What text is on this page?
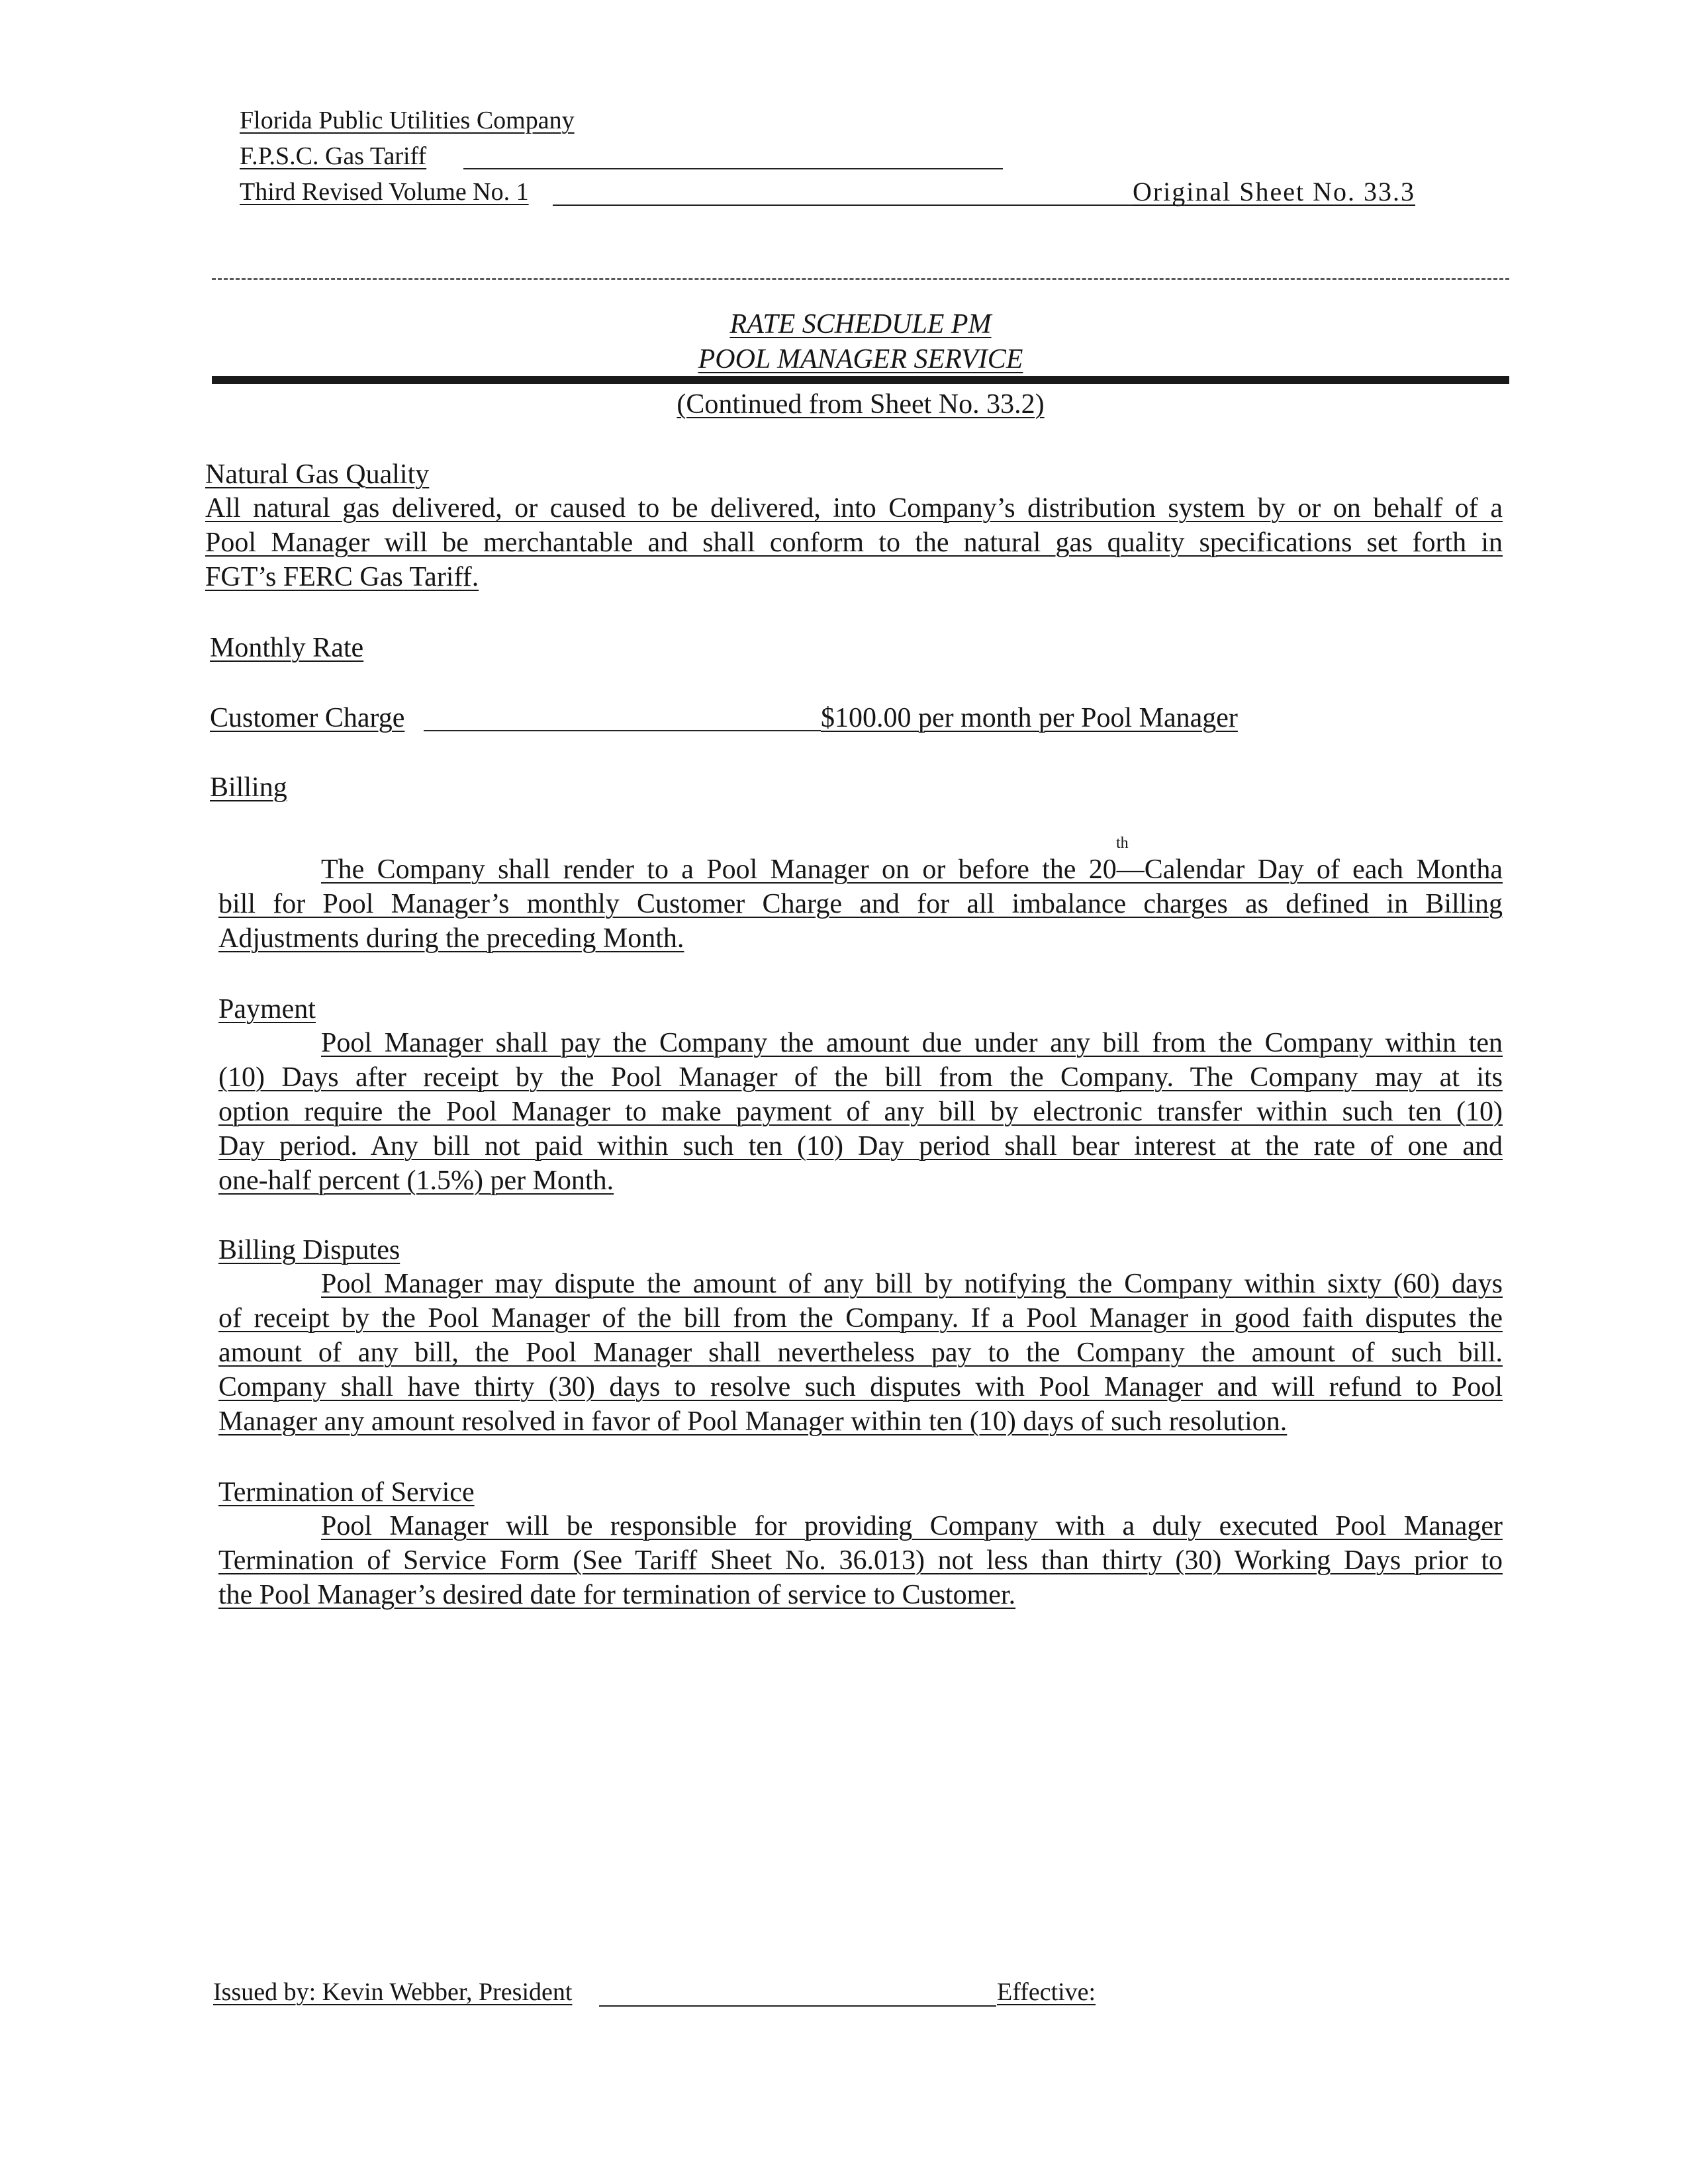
Florida Public Utilities Company
F.P.S.C. Gas Tariff
Third Revised Volume No. 1	Original Sheet No. 33.3
RATE SCHEDULE PM
POOL MANAGER SERVICE
(Continued from Sheet No. 33.2)
Natural Gas Quality
All natural gas delivered, or caused to be delivered, into Company’s distribution system by or on behalf of a
Pool Manager will be merchantable and shall conform to the natural gas quality specifications set forth in
FGT’s FERC Gas Tariff.
Monthly Rate
Customer Charge	$100.00 per month per Pool Manager
Billing
th
The Company shall render to a Pool Manager on or before the 20—Calendar Day of each Montha
bill for Pool Manager’s monthly Customer Charge and for all imbalance charges as defined in Billing
Adjustments during the preceding Month.
Payment
Pool Manager shall pay the Company the amount due under any bill from the Company within ten
(10) Days after receipt by the Pool Manager of the bill from the Company. The Company may at its
option require the Pool Manager to make payment of any bill by electronic transfer within such ten (10)
Day period. Any bill not paid within such ten (10) Day period shall bear interest at the rate of one and
one-half percent (1.5%) per Month.
Billing Disputes
Pool Manager may dispute the amount of any bill by notifying the Company within sixty (60) days
of receipt by the Pool Manager of the bill from the Company. If a Pool Manager in good faith disputes the
amount of any bill, the Pool Manager shall nevertheless pay to the Company the amount of such bill.
Company shall have thirty (30) days to resolve such disputes with Pool Manager and will refund to Pool
Manager any amount resolved in favor of Pool Manager within ten (10) days of such resolution.
Termination of Service
Pool Manager will be responsible for providing Company with a duly executed Pool Manager
Termination of Service Form (See Tariff Sheet No. 36.013) not less than thirty (30) Working Days prior to
the Pool Manager’s desired date for termination of service to Customer.
Issued by: Kevin Webber, President	Effective:
